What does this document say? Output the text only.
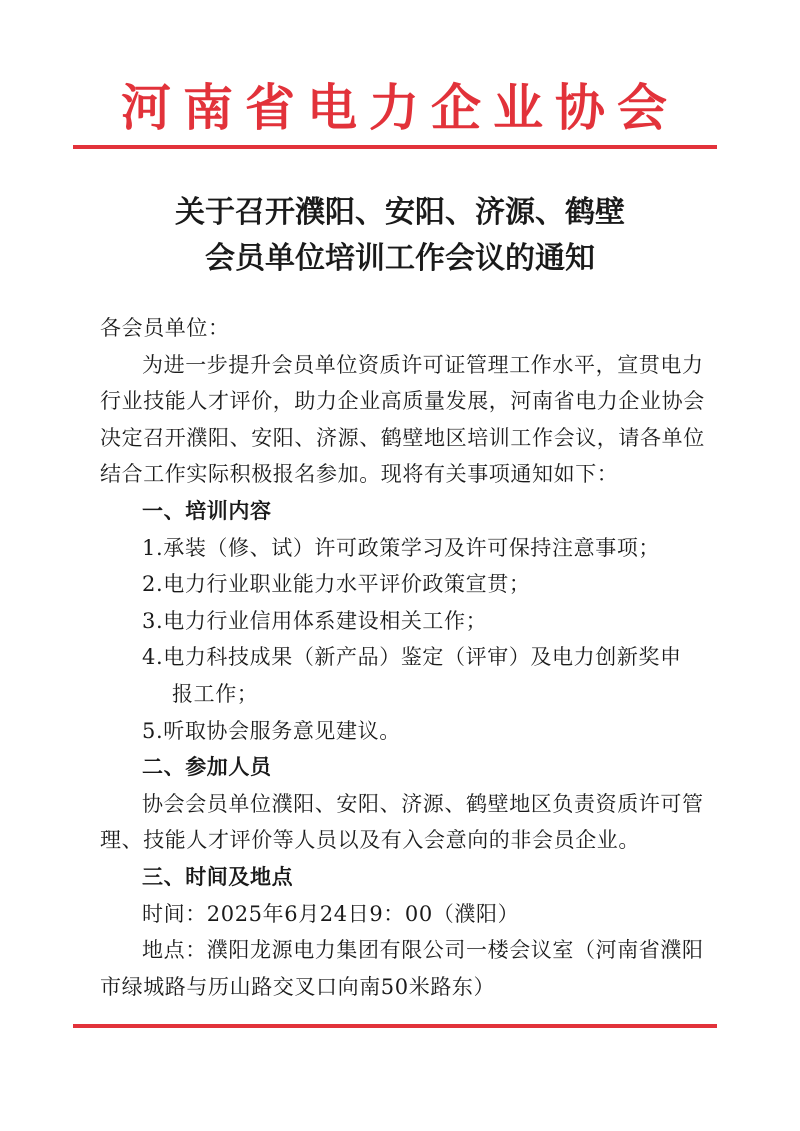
河南省电力企业协会
关于召开濮阳、安阳、济源、鹤壁
会员单位培训工作会议的通知
各会员单位：
为进一步提升会员单位资质许可证管理工作水平，宣贯电力
行业技能人才评价，助力企业高质量发展，河南省电力企业协会
决定召开濮阳、安阳、济源、鹤壁地区培训工作会议，请各单位
结合工作实际积极报名参加。现将有关事项通知如下：
一、培训内容
1.承装（修、试）许可政策学习及许可保持注意事项；
2.电力行业职业能力水平评价政策宣贯；
3.电力行业信用体系建设相关工作；
4.电力科技成果（新产品）鉴定（评审）及电力创新奖申
报工作；
5.听取协会服务意见建议。
二、参加人员
协会会员单位濮阳、安阳、济源、鹤壁地区负责资质许可管
理、技能人才评价等人员以及有入会意向的非会员企业。
三、时间及地点
时间：2025年6月24日9：00（濮阳）
地点：濮阳龙源电力集团有限公司一楼会议室（河南省濮阳
市绿城路与历山路交叉口向南50米路东）
